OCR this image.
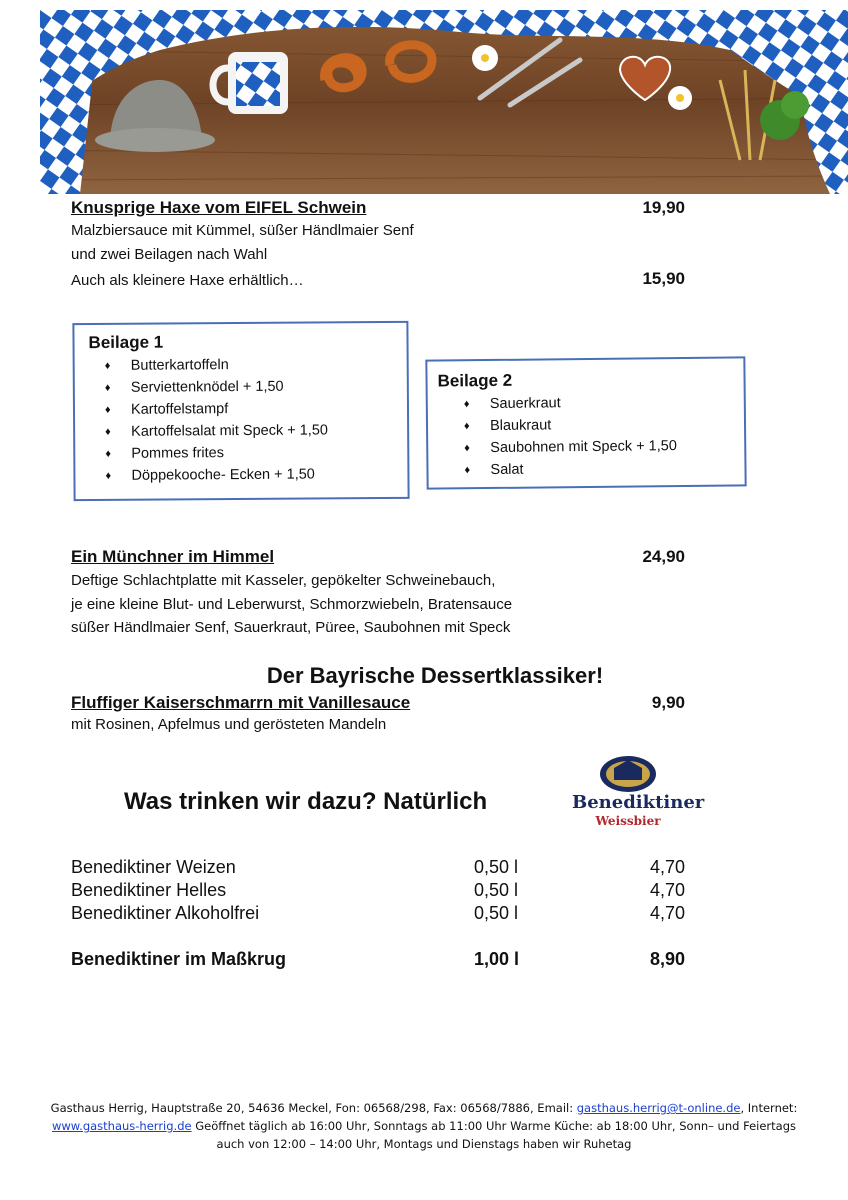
Knusprige Haxe vom EIFEL Schwein	19,90
Malzbiersauce mit Kümmel, süßer Händlmaier Senf
und zwei Beilagen nach Wahl
Auch als kleinere Haxe erhältlich…	15,90
Beilage 1
♦ Butterkartoffeln
♦ Serviettenknödel + 1,50
♦ Kartoffelstampf
♦ Kartoffelsalat mit Speck + 1,50
♦ Pommes frites
♦ Döppekooche- Ecken + 1,50
Beilage 2
♦ Sauerkraut
♦ Blaukraut
♦ Saubohnen mit Speck + 1,50
♦ Salat
Ein Münchner im Himmel	24,90
Deftige Schlachtplatte mit Kasseler, gepökelter Schweinebauch,
je eine kleine Blut- und Leberwurst, Schmorzwiebeln, Bratensauce
süßer Händlmaier Senf, Sauerkraut, Püree, Saubohnen mit Speck
Der Bayrische Dessertklassiker!
Fluffiger Kaiserschmarrn mit Vanillesauce	9,90
mit Rosinen, Apfelmus und gerösteten Mandeln
Was trinken wir dazu? Natürlich	Benediktiner
Weissbier
Benediktiner Weizen	0,50 l	4,70
Benediktiner Helles	0,50 l	4,70
Benediktiner Alkoholfrei	0,50 l	4,70
Benediktiner im Maßkrug	1,00 l	8,90
Gasthaus Herrig, Hauptstraße 20, 54636 Meckel, Fon: 06568/298, Fax: 06568/7886, Email: gasthaus.herrig@t-online.de, Internet:
www.gasthaus-herrig.de Geöffnet täglich ab 16:00 Uhr, Sonntags ab 11:00 Uhr Warme Küche: ab 18:00 Uhr, Sonn– und Feiertags
auch von 12:00 – 14:00 Uhr, Montags und Dienstags haben wir Ruhetag
